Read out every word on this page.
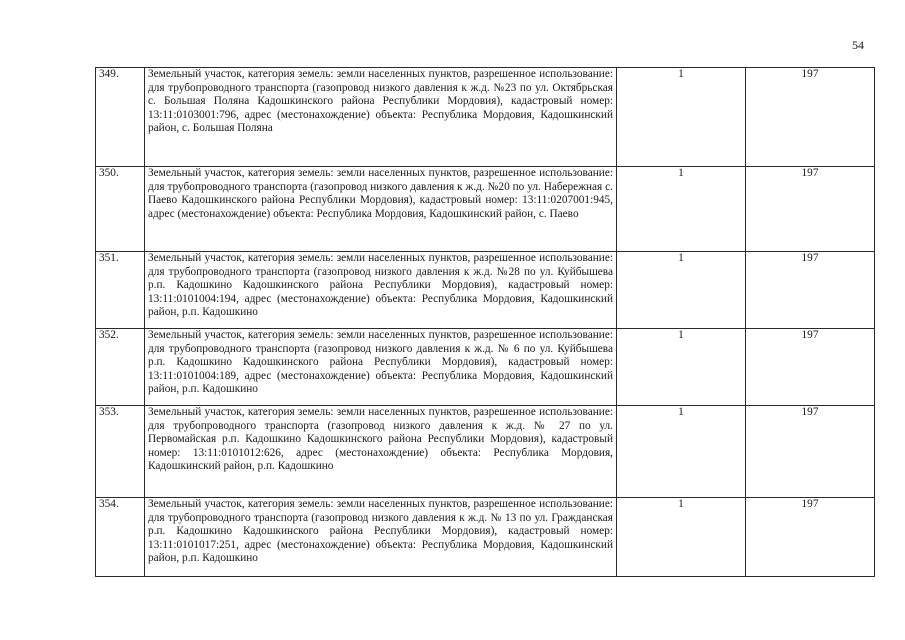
54
349.	Земельный участок, категория земель: земли населенных пунктов, разрешенное использование: для трубопроводного транспорта (газопровод низкого давления к ж.д. №23 по ул. Октябрьская с. Большая Поляна Кадошкинского района Республики Мордовия), кадастровый номер: 13:11:0103001:796, адрес (местонахождение) объекта: Республика Мордовия, Кадошкинский район, с. Большая Поляна	1	197
350.	Земельный участок, категория земель: земли населенных пунктов, разрешенное использование: для трубопроводного транспорта (газопровод низкого давления к ж.д. №20 по ул. Набережная с. Паево Кадошкинского района Республики Мордовия), кадастровый номер: 13:11:0207001:945, адрес (местонахождение) объекта: Республика Мордовия, Кадошкинский район, с. Паево	1	197
351.	Земельный участок, категория земель: земли населенных пунктов, разрешенное использование: для трубопроводного транспорта (газопровод низкого давления к ж.д. №28 по ул. Куйбышева р.п. Кадошкино Кадошкинского района Республики Мордовия), кадастровый номер: 13:11:0101004:194, адрес (местонахождение) объекта: Республика Мордовия, Кадошкинский район, р.п. Кадошкино	1	197
352.	Земельный участок, категория земель: земли населенных пунктов, разрешенное использование: для трубопроводного транспорта (газопровод низкого давления к ж.д. № 6 по ул. Куйбышева р.п. Кадошкино Кадошкинского района Республики Мордовия), кадастровый номер: 13:11:0101004:189, адрес (местонахождение) объекта: Республика Мордовия, Кадошкинский район, р.п. Кадошкино	1	197
353.	Земельный участок, категория земель: земли населенных пунктов, разрешенное использование: для трубопроводного транспорта (газопровод низкого давления к ж.д. № 27 по ул. Первомайская р.п. Кадошкино Кадошкинского района Республики Мордовия), кадастровый номер: 13:11:0101012:626, адрес (местонахождение) объекта: Республика Мордовия, Кадошкинский район, р.п. Кадошкино	1	197
354.	Земельный участок, категория земель: земли населенных пунктов, разрешенное использование: для трубопроводного транспорта (газопровод низкого давления к ж.д. № 13 по ул. Гражданская р.п. Кадошкино Кадошкинского района Республики Мордовия), кадастровый номер: 13:11:0101017:251, адрес (местонахождение) объекта: Республика Мордовия, Кадошкинский район, р.п. Кадошкино	1	197
